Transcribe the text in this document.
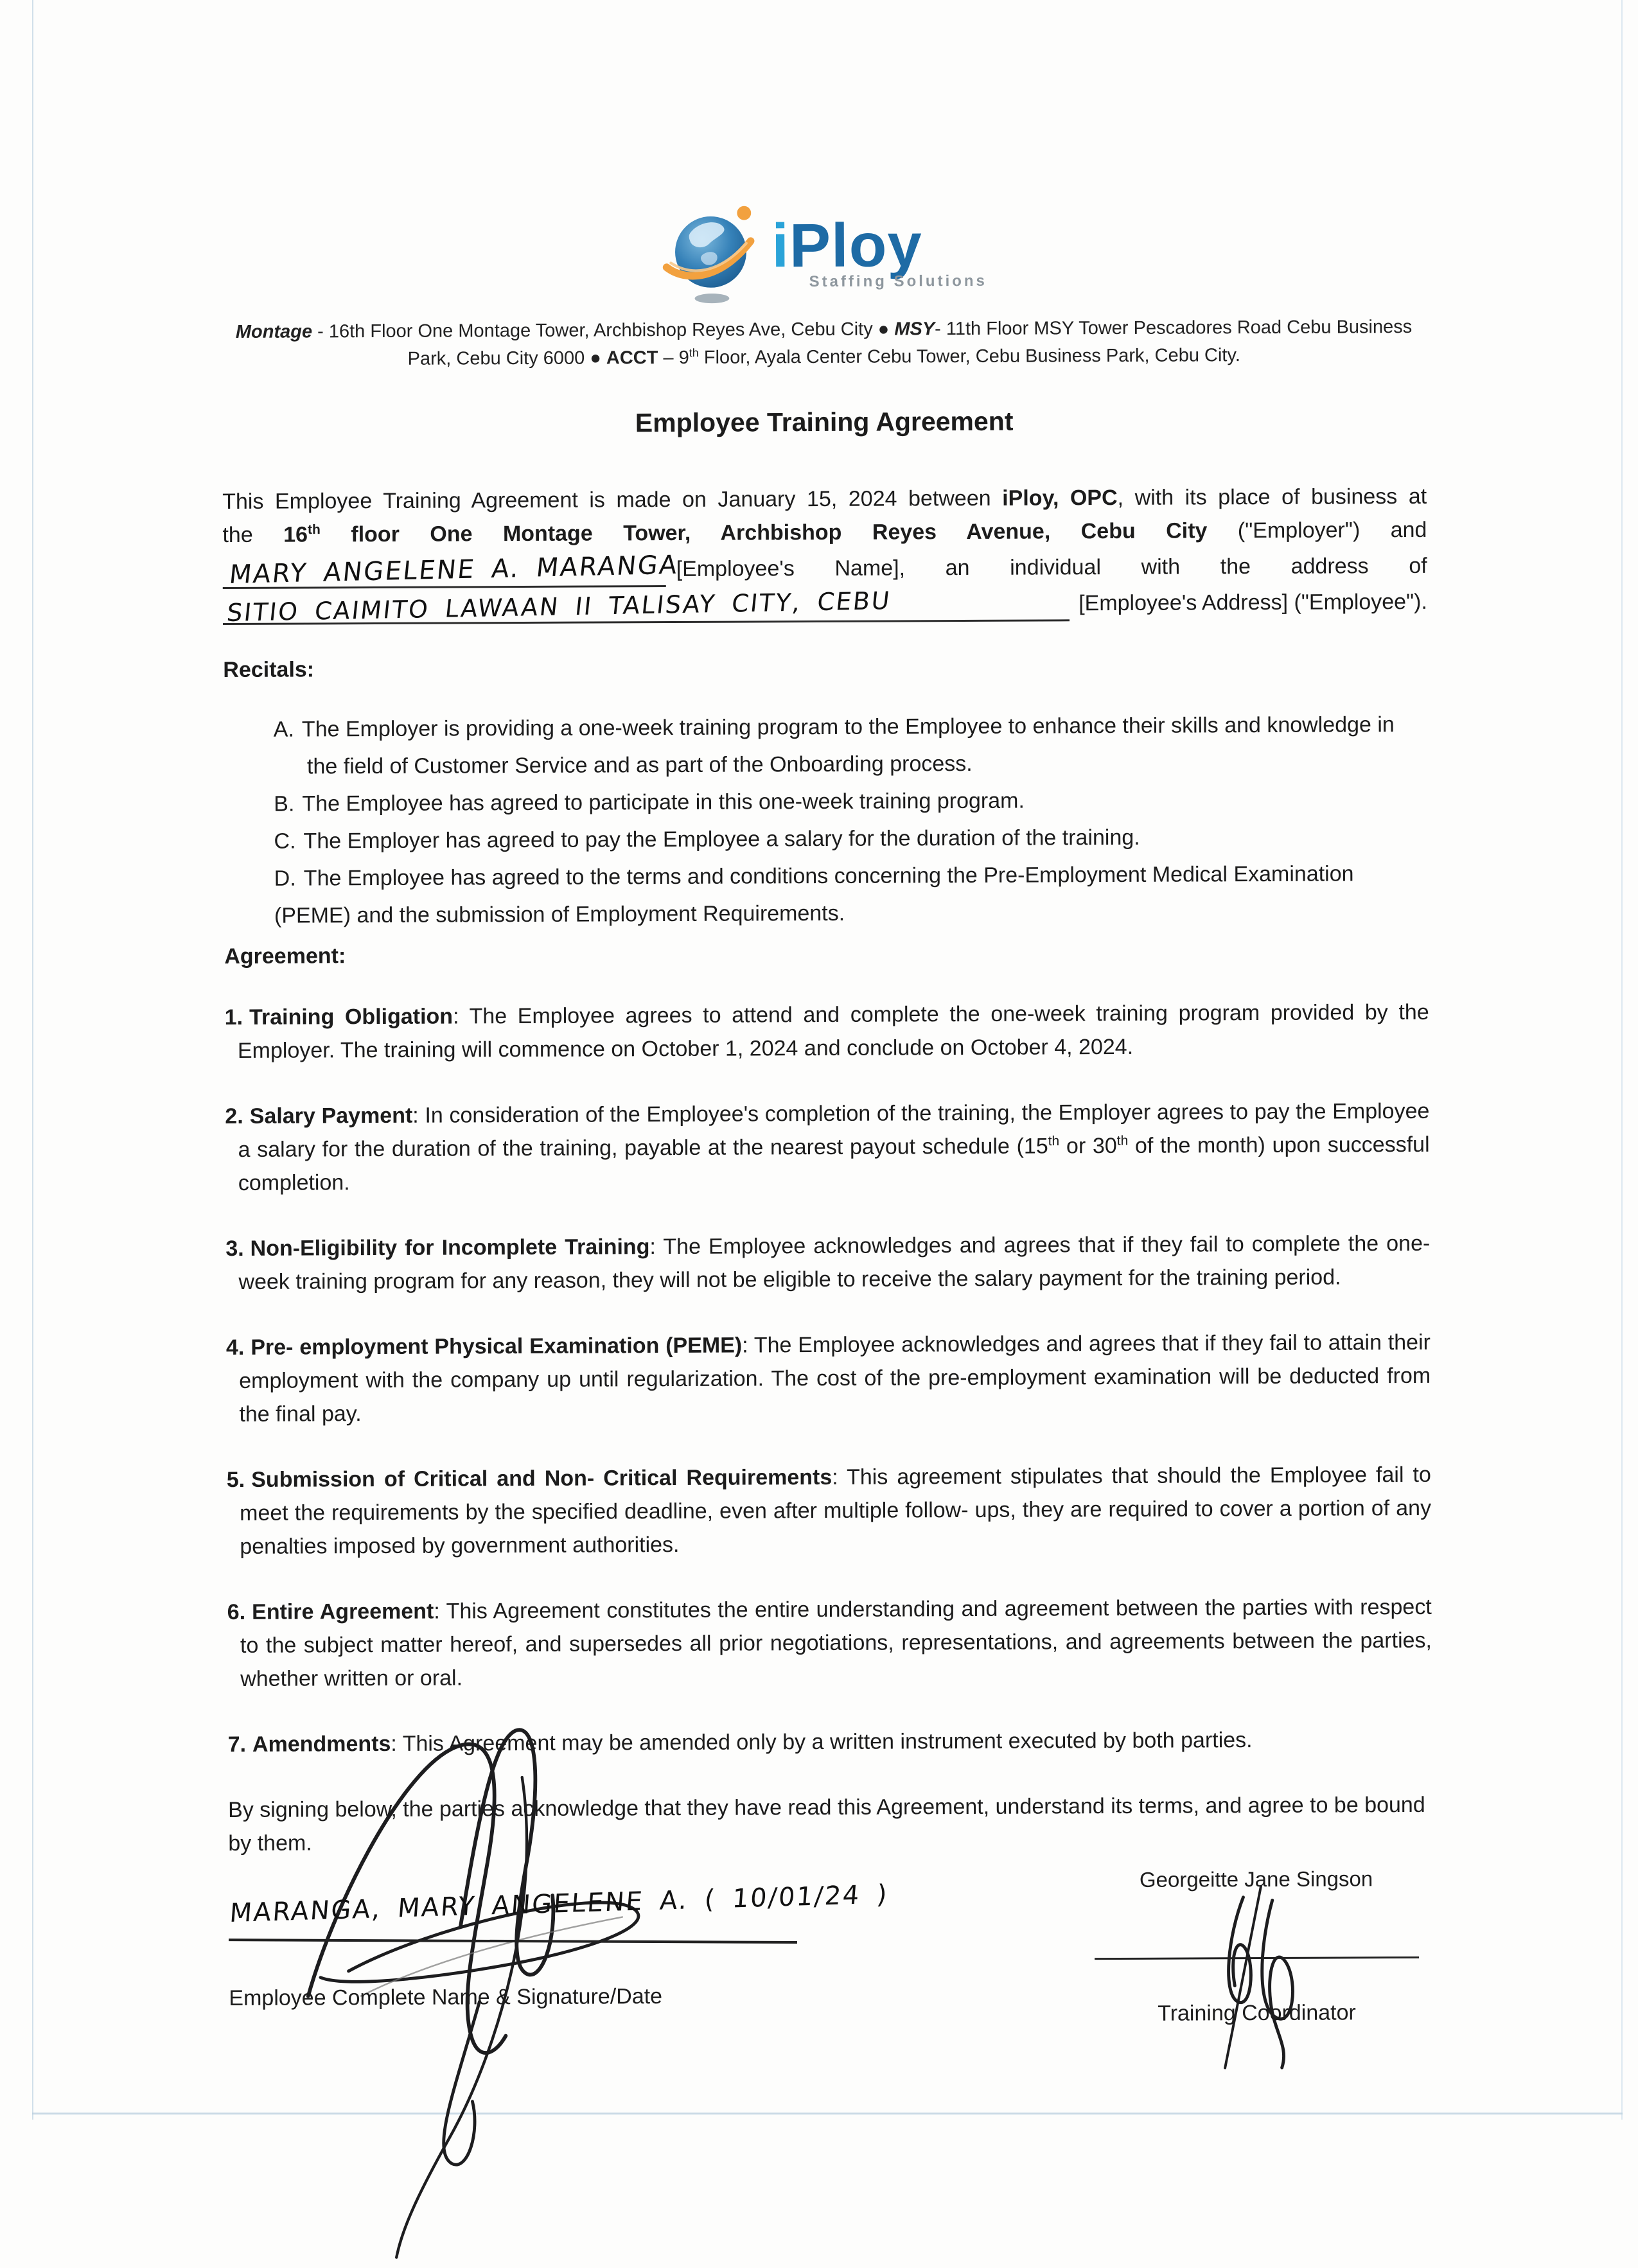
iPloy
Staffing Solutions
Montage - 16th Floor One Montage Tower, Archbishop Reyes Ave, Cebu City ● MSY- 11th Floor MSY Tower Pescadores Road Cebu Business Park, Cebu City 6000 ● ACCT – 9th Floor, Ayala Center Cebu Tower, Cebu Business Park, Cebu City.
Employee Training Agreement
This Employee Training Agreement is made on January 15, 2024 between iPloy, OPC, with its place of business at
the 16th floor One Montage Tower, Archbishop Reyes Avenue, Cebu City ("Employer") and
MARY ANGELENE A. MARANGA
[Employee's Name], an individual with the address of
SITIO CAIMITO LAWAAN II TALISAY CITY, CEBU	[Employee's Address] ("Employee").
Recitals:
A. The Employer is providing a one-week training program to the Employee to enhance their skills and knowledge in the field of Customer Service and as part of the Onboarding process.
B. The Employee has agreed to participate in this one-week training program.
C. The Employer has agreed to pay the Employee a salary for the duration of the training.
D. The Employee has agreed to the terms and conditions concerning the Pre-Employment Medical Examination (PEME) and the submission of Employment Requirements.
Agreement:
1. Training Obligation: The Employee agrees to attend and complete the one-week training program provided by the Employer. The training will commence on October 1, 2024 and conclude on October 4, 2024.
2. Salary Payment: In consideration of the Employee's completion of the training, the Employer agrees to pay the Employee a salary for the duration of the training, payable at the nearest payout schedule (15th or 30th of the month) upon successful completion.
3. Non-Eligibility for Incomplete Training: The Employee acknowledges and agrees that if they fail to complete the one-week training program for any reason, they will not be eligible to receive the salary payment for the training period.
4. Pre- employment Physical Examination (PEME): The Employee acknowledges and agrees that if they fail to attain their employment with the company up until regularization. The cost of the pre-employment examination will be deducted from the final pay.
5. Submission of Critical and Non- Critical Requirements: This agreement stipulates that should the Employee fail to meet the requirements by the specified deadline, even after multiple follow- ups, they are required to cover a portion of any penalties imposed by government authorities.
6. Entire Agreement: This Agreement constitutes the entire understanding and agreement between the parties with respect to the subject matter hereof, and supersedes all prior negotiations, representations, and agreements between the parties, whether written or oral.
7. Amendments: This Agreement may be amended only by a written instrument executed by both parties.
By signing below, the parties acknowledge that they have read this Agreement, understand its terms, and agree to be bound by them.
MARANGA, MARY ANGELENE A. ( 10/01/24 )
Employee Complete Name & Signature/Date
Georgeitte Jane Singson
Training Coordinator
